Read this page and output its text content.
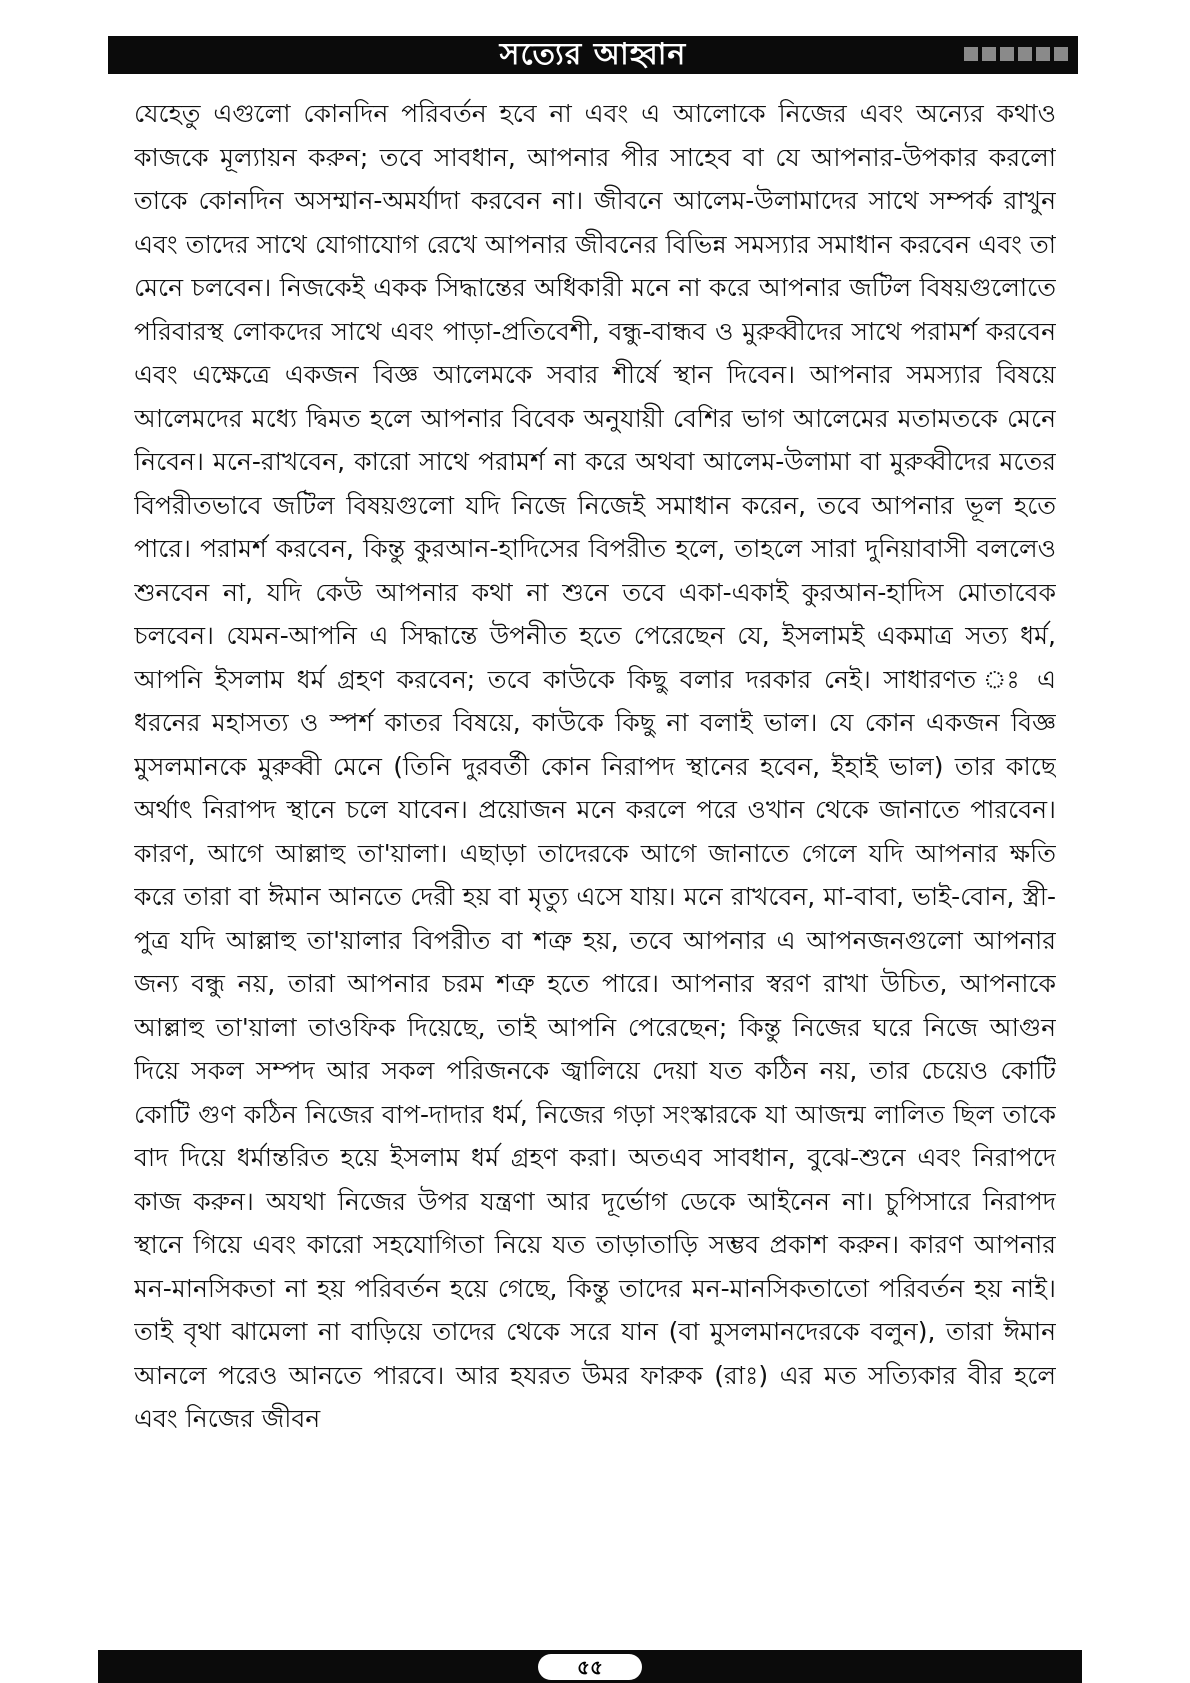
সত্যের আহ্বান

যেহেতু এগুলো কোনদিন পরিবর্তন হবে না এবং এ আলোকে নিজের এবং অন্যের কথাও কাজকে মূল্যায়ন করুন; তবে সাবধান, আপনার পীর সাহেব বা যে আপনার-উপকার করলো তাকে কোনদিন অসম্মান-অমর্যাদা করবেন না। জীবনে আলেম-উলামাদের সাথে সম্পর্ক রাখুন এবং তাদের সাথে যোগাযোগ রেখে আপনার জীবনের বিভিন্ন সমস্যার সমাধান করবেন এবং তা মেনে চলবেন। নিজকেই একক সিদ্ধান্তের অধিকারী মনে না করে আপনার জটিল বিষয়গুলোতে পরিবারস্থ লোকদের সাথে এবং পাড়া-প্রতিবেশী, বন্ধু-বান্ধব ও মুরুব্বীদের সাথে পরামর্শ করবেন এবং এক্ষেত্রে একজন বিজ্ঞ আলেমকে সবার শীর্ষে স্থান দিবেন। আপনার সমস্যার বিষয়ে আলেমদের মধ্যে দ্বিমত হলে আপনার বিবেক অনুযায়ী বেশির ভাগ আলেমের মতামতকে মেনে নিবেন। মনে-রাখবেন, কারো সাথে পরামর্শ না করে অথবা আলেম-উলামা বা মুরুব্বীদের মতের বিপরীতভাবে জটিল বিষয়গুলো যদি নিজে নিজেই সমাধান করেন, তবে আপনার ভূল হতে পারে। পরামর্শ করবেন, কিন্তু কুরআন-হাদিসের বিপরীত হলে, তাহলে সারা দুনিয়াবাসী বললেও শুনবেন না, যদি কেউ আপনার কথা না শুনে তবে একা-একাই কুরআন-হাদিস মোতাবেক চলবেন। যেমন-আপনি এ সিদ্ধান্তে উপনীত হতে পেরেছেন যে, ইসলামই একমাত্র সত্য ধর্ম, আপনি ইসলাম ধর্ম গ্রহণ করবেন; তবে কাউকে কিছু বলার দরকার নেই। সাধারণত ঃ এ ধরনের মহাসত্য ও স্পর্শ কাতর বিষয়ে, কাউকে কিছু না বলাই ভাল। যে কোন একজন বিজ্ঞ মুসলমানকে মুরুব্বী মেনে (তিনি দুরবর্তী কোন নিরাপদ স্থানের হবেন, ইহাই ভাল) তার কাছে অর্থাৎ নিরাপদ স্থানে চলে যাবেন। প্রয়োজন মনে করলে পরে ওখান থেকে জানাতে পারবেন। কারণ, আগে আল্লাহু তা'য়ালা। এছাড়া তাদেরকে আগে জানাতে গেলে যদি আপনার ক্ষতি করে তারা বা ঈমান আনতে দেরী হয় বা মৃত্যু এসে যায়। মনে রাখবেন, মা-বাবা, ভাই-বোন, স্ত্রী-পুত্র যদি আল্লাহু তা'য়ালার বিপরীত বা শত্রু হয়, তবে আপনার এ আপনজনগুলো আপনার জন্য বন্ধু নয়, তারা আপনার চরম শত্রু হতে পারে। আপনার স্বরণ রাখা উচিত, আপনাকে আল্লাহু তা'য়ালা তাওফিক দিয়েছে, তাই আপনি পেরেছেন; কিন্তু নিজের ঘরে নিজে আগুন দিয়ে সকল সম্পদ আর সকল পরিজনকে জ্বালিয়ে দেয়া যত কঠিন নয়, তার চেয়েও কোটি কোটি গুণ কঠিন নিজের বাপ-দাদার ধর্ম, নিজের গড়া সংস্কারকে যা আজন্ম লালিত ছিল তাকে বাদ দিয়ে ধর্মান্তরিত হয়ে ইসলাম ধর্ম গ্রহণ করা। অতএব সাবধান, বুঝে-শুনে এবং নিরাপদে কাজ করুন। অযথা নিজের উপর যন্ত্রণা আর দূর্ভোগ ডেকে আইনেন না। চুপিসারে নিরাপদ স্থানে গিয়ে এবং কারো সহযোগিতা নিয়ে যত তাড়াতাড়ি সম্ভব প্রকাশ করুন। কারণ আপনার মন-মানসিকতা না হয় পরিবর্তন হয়ে গেছে, কিন্তু তাদের মন-মানসিকতাতো পরিবর্তন হয় নাই। তাই বৃথা ঝামেলা না বাড়িয়ে তাদের থেকে সরে যান (বা মুসলমানদেরকে বলুন), তারা ঈমান আনলে পরেও আনতে পারবে। আর হযরত উমর ফারুক (রাঃ) এর মত সত্যিকার বীর হলে এবং নিজের জীবন

৫৫
